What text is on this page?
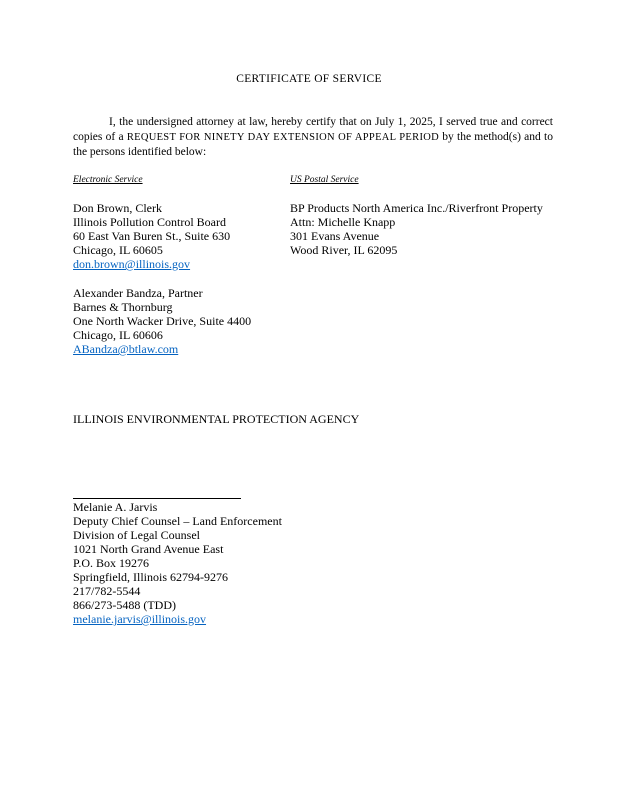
CERTIFICATE OF SERVICE
I, the undersigned attorney at law, hereby certify that on July 1, 2025, I served true and correct copies of a REQUEST FOR NINETY DAY EXTENSION OF APPEAL PERIOD by the method(s) and to the persons identified below:
Electronic Service	US Postal Service
Don Brown, Clerk
Illinois Pollution Control Board
60 East Van Buren St., Suite 630
Chicago, IL 60605
don.brown@illinois.gov
BP Products North America Inc./Riverfront Property
Attn: Michelle Knapp
301 Evans Avenue
Wood River, IL 62095
Alexander Bandza, Partner
Barnes & Thornburg
One North Wacker Drive, Suite 4400
Chicago, IL 60606
ABandza@btlaw.com
ILLINOIS ENVIRONMENTAL PROTECTION AGENCY
Melanie A. Jarvis
Deputy Chief Counsel – Land Enforcement
Division of Legal Counsel
1021 North Grand Avenue East
P.O. Box 19276
Springfield, Illinois 62794-9276
217/782-5544
866/273-5488 (TDD)
melanie.jarvis@illinois.gov
